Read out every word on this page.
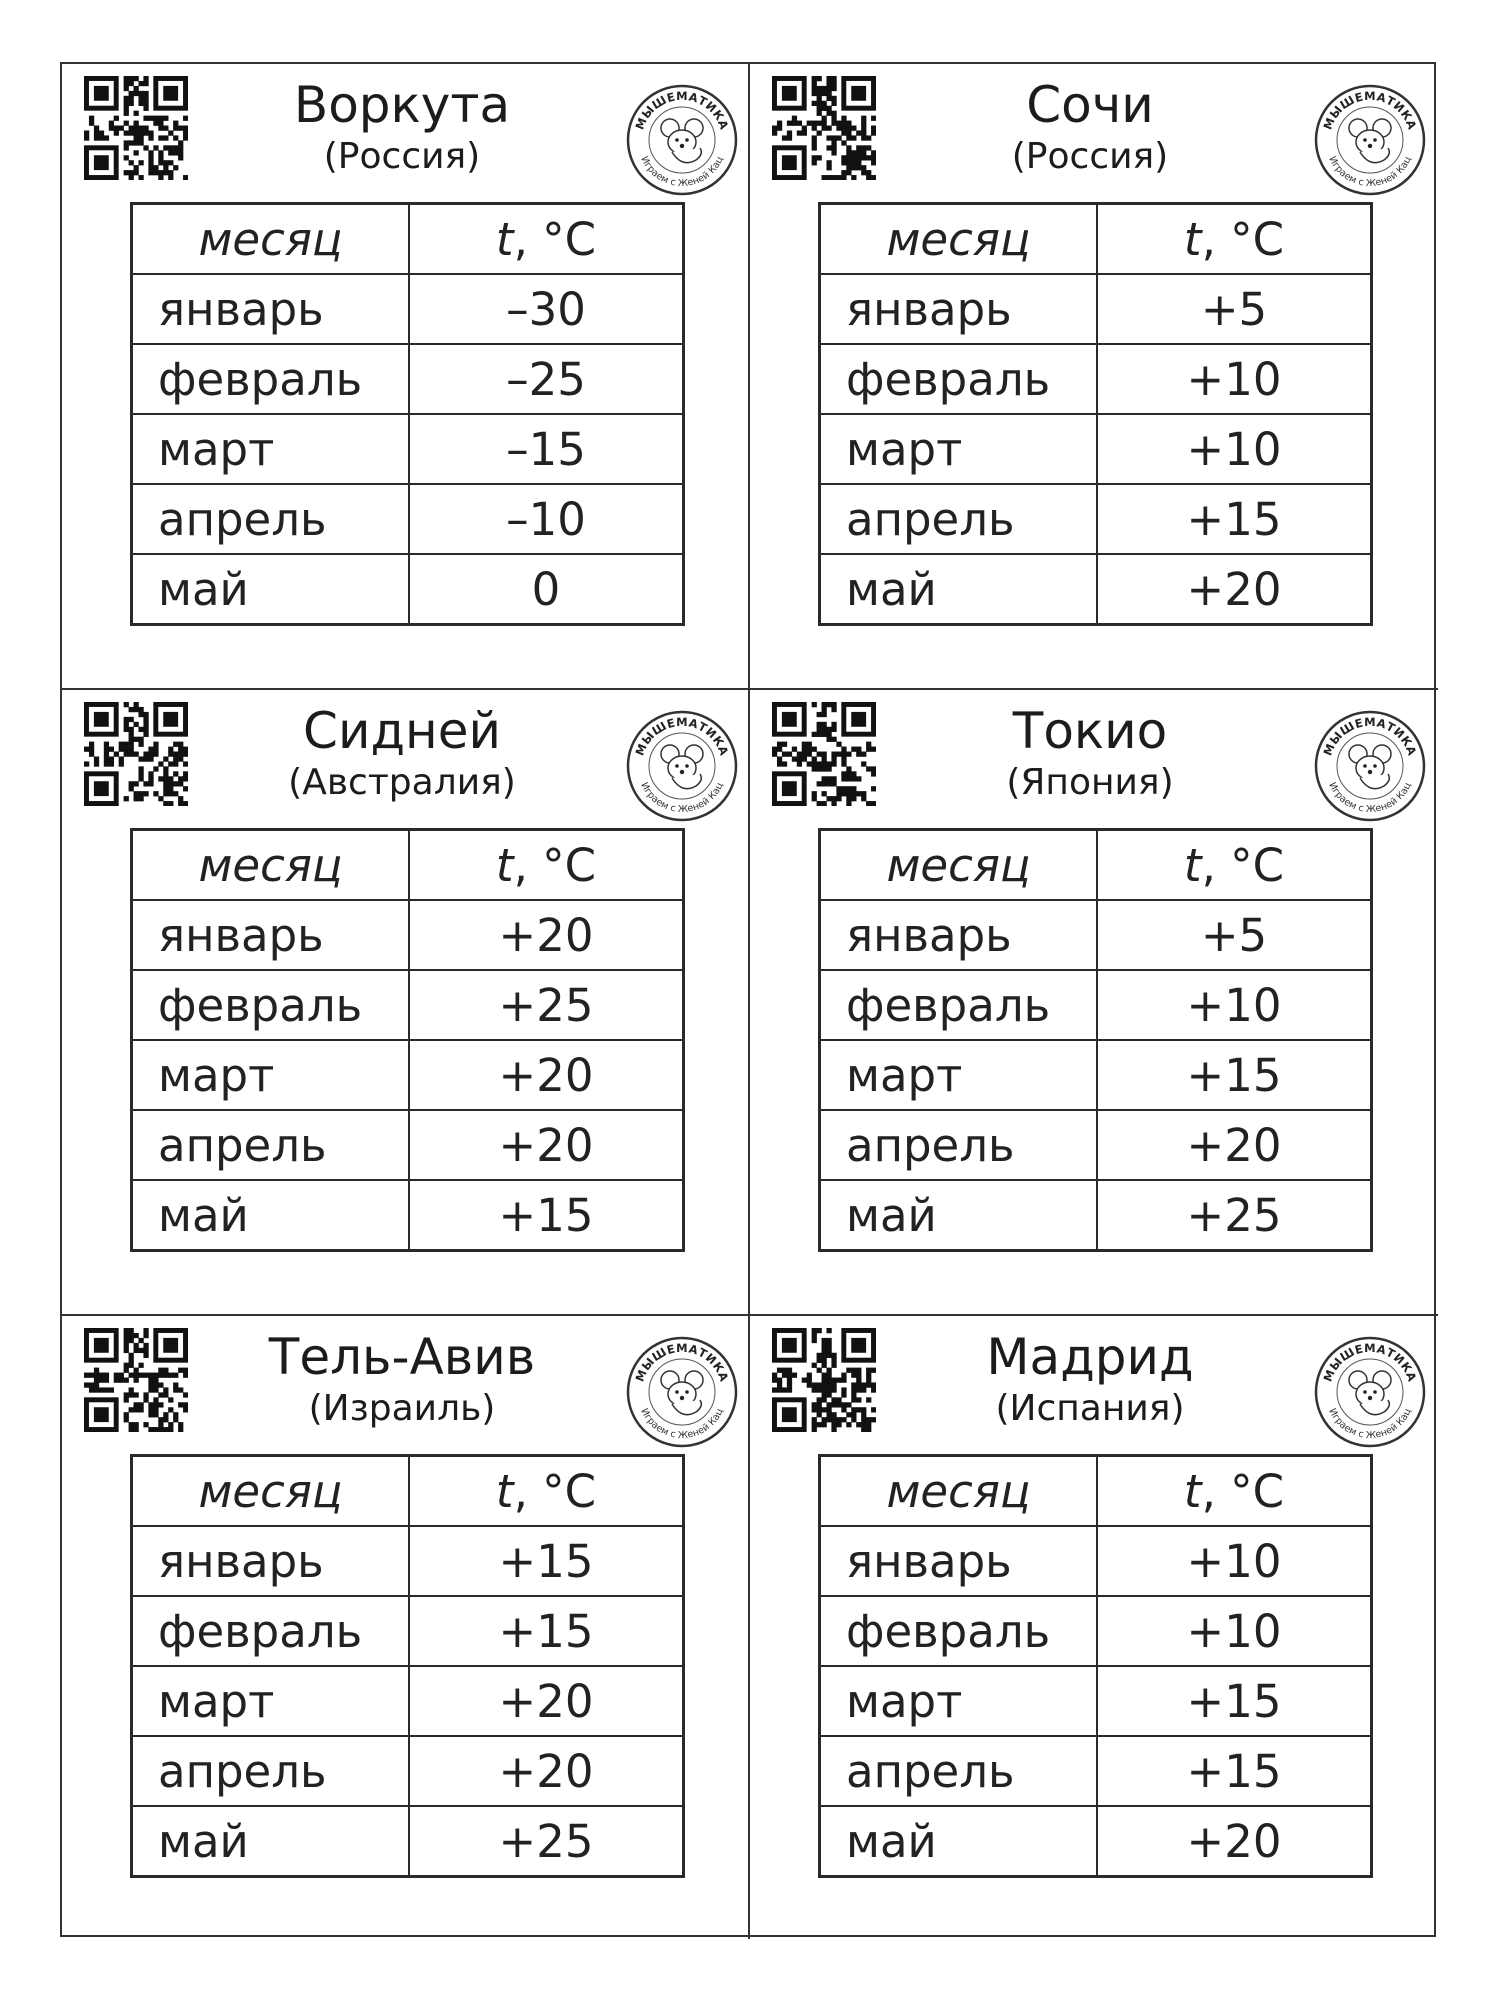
Воркута
(Россия)
МЫШЕМАТИКА
Играем с Женей Кац
месяц	t, °C
январь	–30
февраль	–25
март	–15
апрель	–10
май	0
Сочи
(Россия)
МЫШЕМАТИКА
Играем с Женей Кац
месяц	t, °C
январь	+5
февраль	+10
март	+10
апрель	+15
май	+20
Сидней
(Австралия)
МЫШЕМАТИКА
Играем с Женей Кац
месяц	t, °C
январь	+20
февраль	+25
март	+20
апрель	+20
май	+15
Токио
(Япония)
МЫШЕМАТИКА
Играем с Женей Кац
месяц	t, °C
январь	+5
февраль	+10
март	+15
апрель	+20
май	+25
Тель-Авив
(Израиль)
МЫШЕМАТИКА
Играем с Женей Кац
месяц	t, °C
январь	+15
февраль	+15
март	+20
апрель	+20
май	+25
Мадрид
(Испания)
МЫШЕМАТИКА
Играем с Женей Кац
месяц	t, °C
январь	+10
февраль	+10
март	+15
апрель	+15
май	+20
